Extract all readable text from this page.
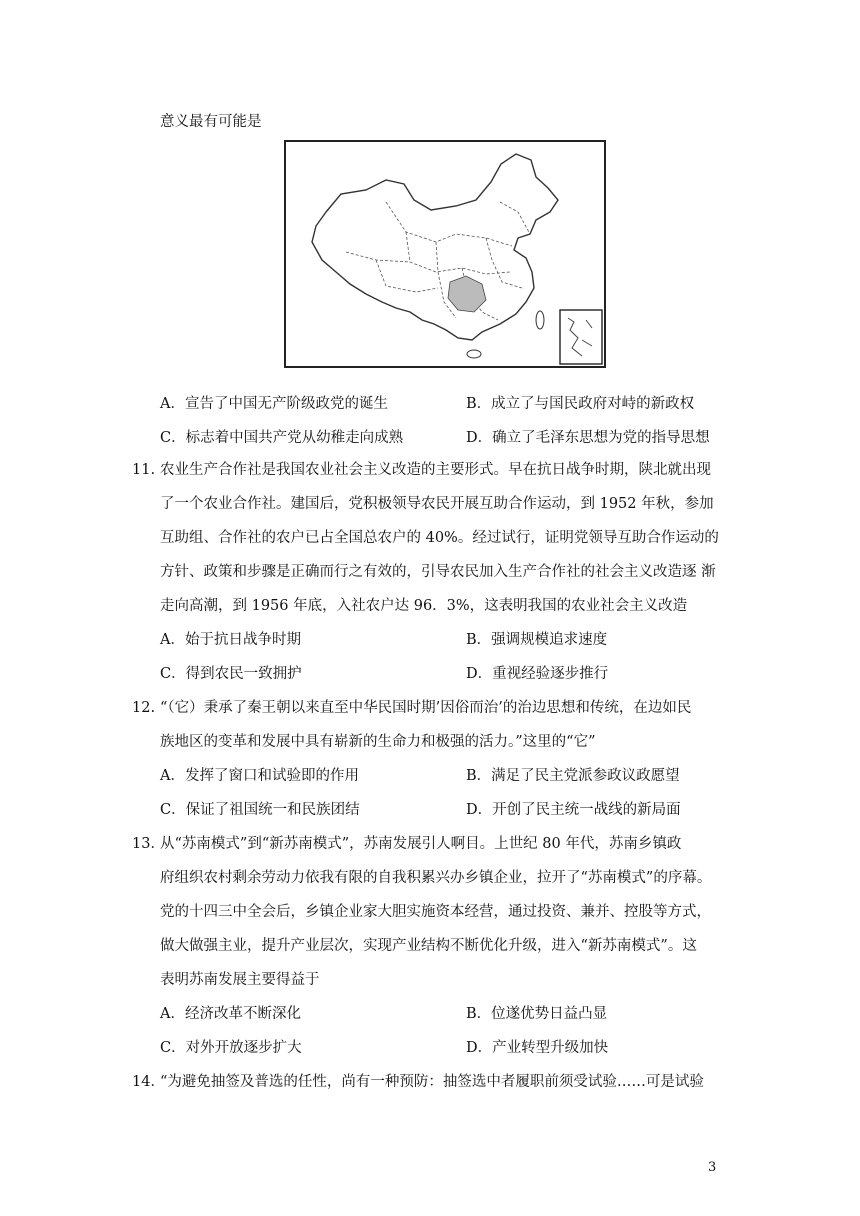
意义最有可能是
A．宣告了中国无产阶级政党的诞生	B．成立了与国民政府对峙的新政权
C．标志着中国共产党从幼稚走向成熟	D．确立了毛泽东思想为党的指导思想
11. 农业生产合作社是我国农业社会主义改造的主要形式。早在抗日战争时期，陕北就出现
了一个农业合作社。建国后，党积极领导农民开展互助合作运动，到 1952 年秋，参加
互助组、合作社的农户已占全国总农户的 40%。经过试行，证明党领导互助合作运动的
方针、政策和步骤是正确而行之有效的，引导农民加入生产合作社的社会主义改造逐 渐
走向高潮，到 1956 年底，入社农户达 96．3%，这表明我国的农业社会主义改造
A．始于抗日战争时期	B．强调规模追求速度
C．得到农民一致拥护	D．重视经验逐步推行
12. “（它）秉承了秦王朝以来直至中华民国时期’因俗而治’的治边思想和传统，在边如民
族地区的变革和发展中具有崭新的生命力和极强的活力。”这里的“它”
A．发挥了窗口和试验即的作用	B．满足了民主党派参政议政愿望
C．保证了祖国统一和民族团结	D．开创了民主统一战线的新局面
13．
从“苏南模式”到“新苏南模式”，苏南发展引人啊目。上世纪 80 年代，苏南乡镇政
府组织农村剩余劳动力依我有限的自我积累兴办乡镇企业，拉开了“苏南模式”的序幕。
党的十四三中全会后，乡镇企业家大胆实施资本经营，通过投资、兼并、控股等方式，
做大做强主业，提升产业层次，实现产业结构不断优化升级，进入“新苏南模式”。这
表明苏南发展主要得益于
A．经济改革不断深化	B．位遂优势日益凸显
C．对外开放逐步扩大	D．产业转型升级加快
14．
“为避免抽签及普选的任性，尚有一种预防：抽签选中者履职前须受试验……可是试验
3
